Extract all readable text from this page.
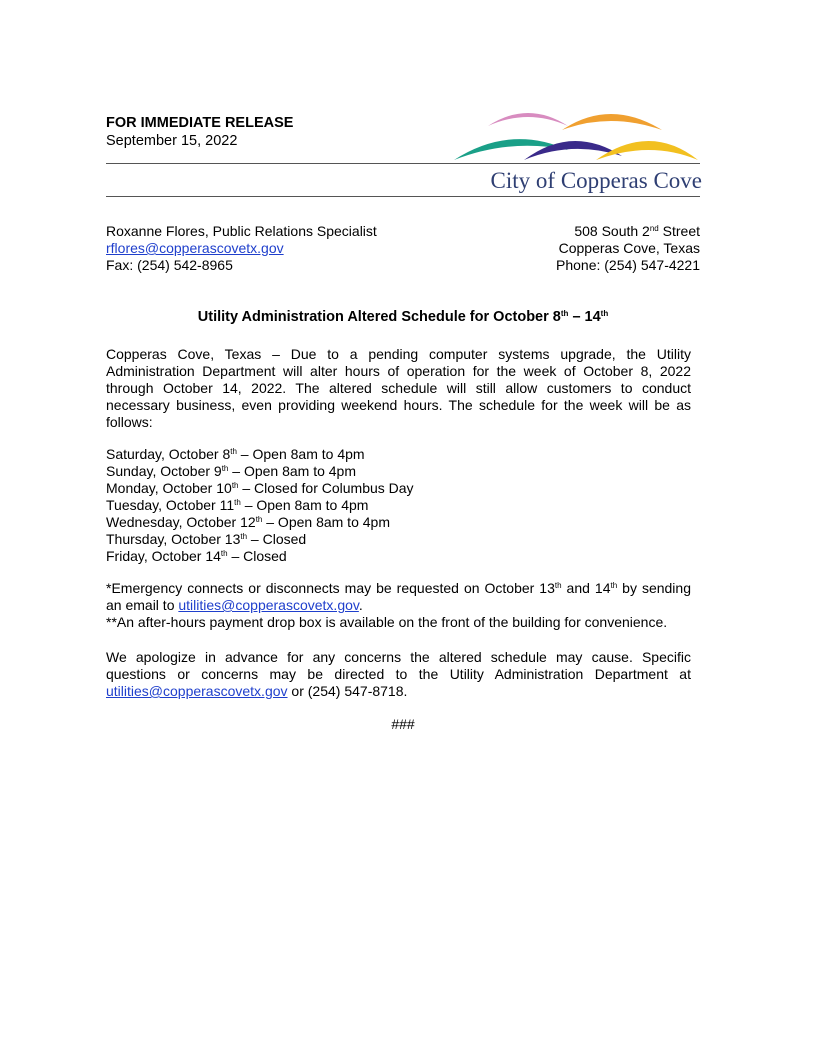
FOR IMMEDIATE RELEASE
September 15, 2022
City of Copperas Cove
Roxanne Flores, Public Relations Specialist
rflores@copperascovetx.gov
Fax: (254) 542-8965
508 South 2nd Street
Copperas Cove, Texas
Phone: (254) 547-4221
Utility Administration Altered Schedule for October 8th – 14th
Copperas Cove, Texas – Due to a pending computer systems upgrade, the Utility Administration Department will alter hours of operation for the week of October 8, 2022 through October 14, 2022. The altered schedule will still allow customers to conduct necessary business, even providing weekend hours. The schedule for the week will be as follows:
Saturday, October 8th – Open 8am to 4pm
Sunday, October 9th – Open 8am to 4pm
Monday, October 10th – Closed for Columbus Day
Tuesday, October 11th – Open 8am to 4pm
Wednesday, October 12th – Open 8am to 4pm
Thursday, October 13th – Closed
Friday, October 14th – Closed
*Emergency connects or disconnects may be requested on October 13th and 14th by sending an email to utilities@copperascovetx.gov.
**An after-hours payment drop box is available on the front of the building for convenience.
We apologize in advance for any concerns the altered schedule may cause. Specific questions or concerns may be directed to the Utility Administration Department at utilities@copperascovetx.gov or (254) 547-8718.
###
